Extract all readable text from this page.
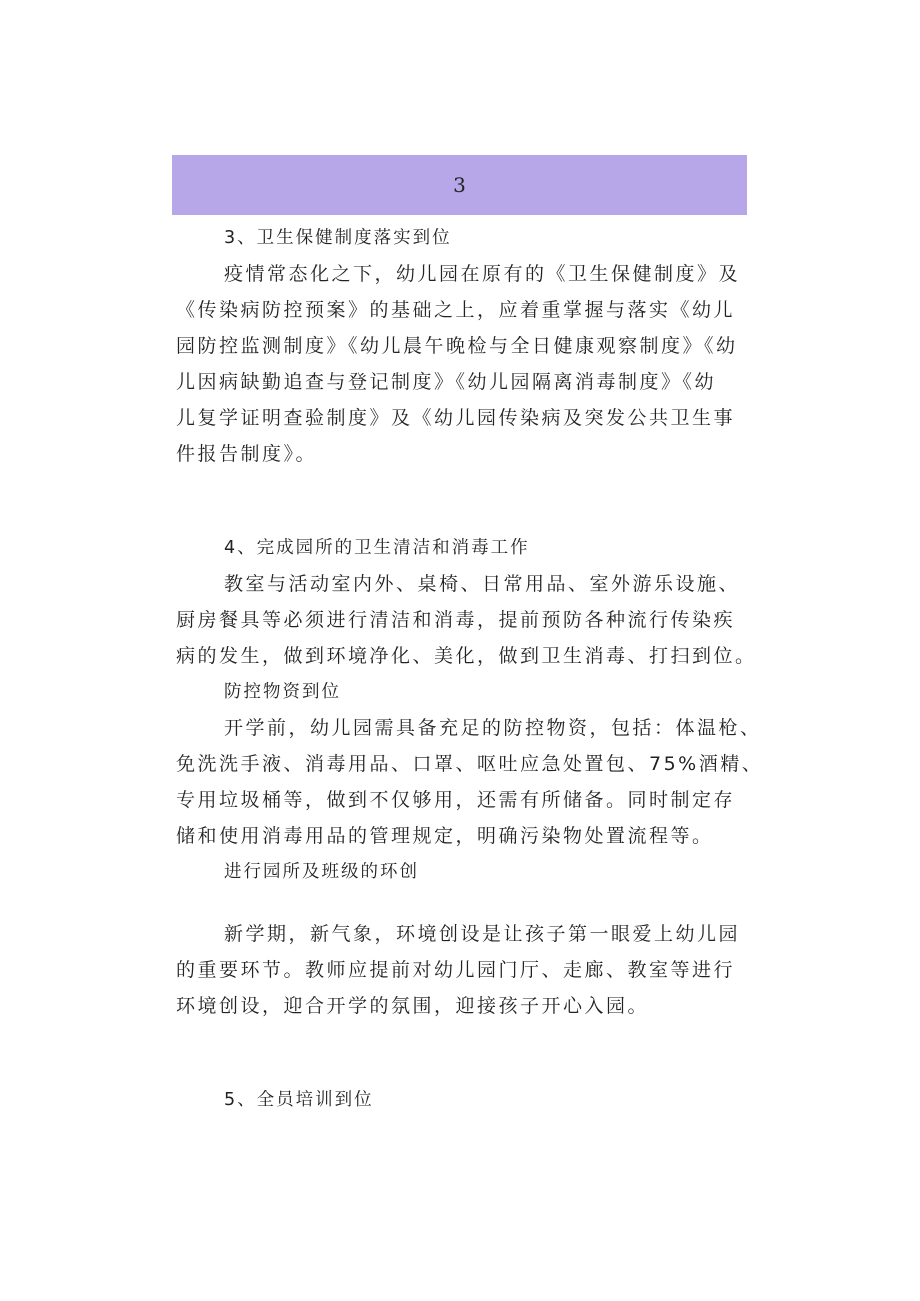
3
3、卫生保健制度落实到位
疫情常态化之下，幼儿园在原有的《卫生保健制度》及
《传染病防控预案》的基础之上，应着重掌握与落实《幼儿
园防控监测制度》《幼儿晨午晚检与全日健康观察制度》《幼
儿因病缺勤追查与登记制度》《幼儿园隔离消毒制度》《幼
儿复学证明查验制度》及《幼儿园传染病及突发公共卫生事
件报告制度》。
4、完成园所的卫生清洁和消毒工作
教室与活动室内外、桌椅、日常用品、室外游乐设施、
厨房餐具等必须进行清洁和消毒，提前预防各种流行传染疾
病的发生，做到环境净化、美化，做到卫生消毒、打扫到位。
防控物资到位
开学前，幼儿园需具备充足的防控物资，包括：体温枪、
免洗洗手液、消毒用品、口罩、呕吐应急处置包、75%酒精、
专用垃圾桶等，做到不仅够用，还需有所储备。同时制定存
储和使用消毒用品的管理规定，明确污染物处置流程等。
进行园所及班级的环创
新学期，新气象，环境创设是让孩子第一眼爱上幼儿园
的重要环节。教师应提前对幼儿园门厅、走廊、教室等进行
环境创设，迎合开学的氛围，迎接孩子开心入园。
5、全员培训到位
